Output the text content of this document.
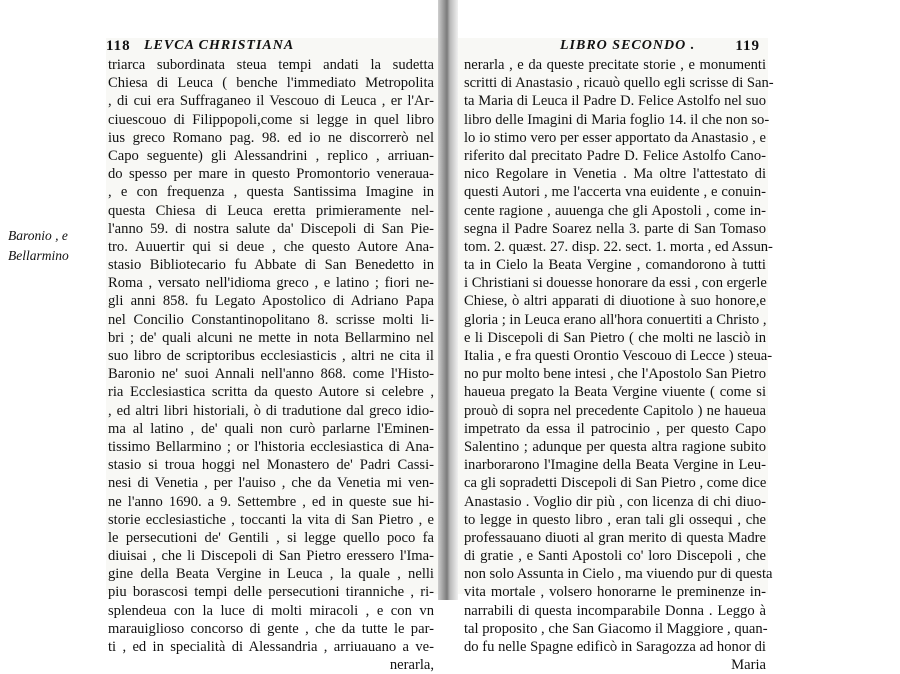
Baronio , e
Bellarmino
118 LEVCA CHRISTIANA
triarca subordinata steua tempi andati la sudetta
Chiesa di Leuca ( benche l'immediato Metropolita
, di cui era Suffraganeo il Vescouo di Leuca , er l'Ar-
ciuescouo di Filippopoli,come si legge in quel libro
ius greco Romano pag. 98. ed io ne discorrerò nel
Capo seguente) gli Alessandrini , replico , arriuan-
do spesso per mare in questo Promontorio veneraua-
, e con frequenza , questa Santissima Imagine in
questa Chiesa di Leuca eretta primieramente nel-
l'anno 59. di nostra salute da' Discepoli di San Pie-
tro. Auuertir qui si deue , che questo Autore Ana-
stasio Bibliotecario fu Abbate di San Benedetto in
Roma , versato nell'idioma greco , e latino ; fiori ne-
gli anni 858. fu Legato Apostolico di Adriano Papa
nel Concilio Constantinopolitano 8. scrisse molti li-
bri ; de' quali alcuni ne mette in nota Bellarmino nel
suo libro de scriptoribus ecclesiasticis , altri ne cita il
Baronio ne' suoi Annali nell'anno 868. come l'Histo-
ria Ecclesiastica scritta da questo Autore si celebre ,
, ed altri libri historiali, ò di tradutione dal greco idio-
ma al latino , de' quali non curò parlarne l'Eminen-
tissimo Bellarmino ; or l'historia ecclesiastica di Ana-
stasio si troua hoggi nel Monastero de' Padri Cassi-
nesi di Venetia , per l'auiso , che da Venetia mi ven-
ne l'anno 1690. a 9. Settembre , ed in queste sue hi-
storie ecclesiastiche , toccanti la vita di San Pietro , e
le persecutioni de' Gentili , si legge quello poco fa
diuisai , che li Discepoli di San Pietro eressero l'Ima-
gine della Beata Vergine in Leuca , la quale , nelli
piu borascosi tempi delle persecutioni tiranniche , ri-
splendeua con la luce di molti miracoli , e con vn
marauiglioso concorso di gente , che da tutte le par-
ti , ed in specialità di Alessandria , arriuauano a ve-
nerarla,
LIBRO SECONDO .	119
nerarla , e da queste precitate storie , e monumenti
scritti di Anastasio , ricauò quello egli scrisse di San-
ta Maria di Leuca il Padre D. Felice Astolfo nel suo
libro delle Imagini di Maria foglio 14. il che non so-
lo io stimo vero per esser apportato da Anastasio , e
riferito dal precitato Padre D. Felice Astolfo Cano-
nico Regolare in Venetia . Ma oltre l'attestato di
questi Autori , me l'accerta vna euidente , e conuin-
cente ragione , auuenga che gli Apostoli , come in-
segna il Padre Soarez nella 3. parte di San Tomaso
tom. 2. quæst. 27. disp. 22. sect. 1. morta , ed Assun-
ta in Cielo la Beata Vergine , comandorono à tutti
i Christiani si douesse honorare da essi , con ergerle
Chiese, ò altri apparati di diuotione à suo honore,e
gloria ; in Leuca erano all'hora conuertiti a Christo ,
e li Discepoli di San Pietro ( che molti ne lasciò in
Italia , e fra questi Orontio Vescouo di Lecce ) steua-
no pur molto bene intesi , che l'Apostolo San Pietro
haueua pregato la Beata Vergine viuente ( come si
prouò di sopra nel precedente Capitolo ) ne haueua
impetrato da essa il patrocinio , per questo Capo
Salentino ; adunque per questa altra ragione subito
inarborarono l'Imagine della Beata Vergine in Leu-
ca gli sopradetti Discepoli di San Pietro , come dice
Anastasio . Voglio dir più , con licenza di chi diuo-
to legge in questo libro , eran tali gli ossequi , che
professauano diuoti al gran merito di questa Madre
di gratie , e Santi Apostoli co' loro Discepoli , che
non solo Assunta in Cielo , ma viuendo pur di questa
vita mortale , volsero honorarne le preminenze in-
narrabili di questa incomparabile Donna . Leggo à
tal proposito , che San Giacomo il Maggiore , quan-
do fu nelle Spagne edificò in Saragozza ad honor di
Maria
